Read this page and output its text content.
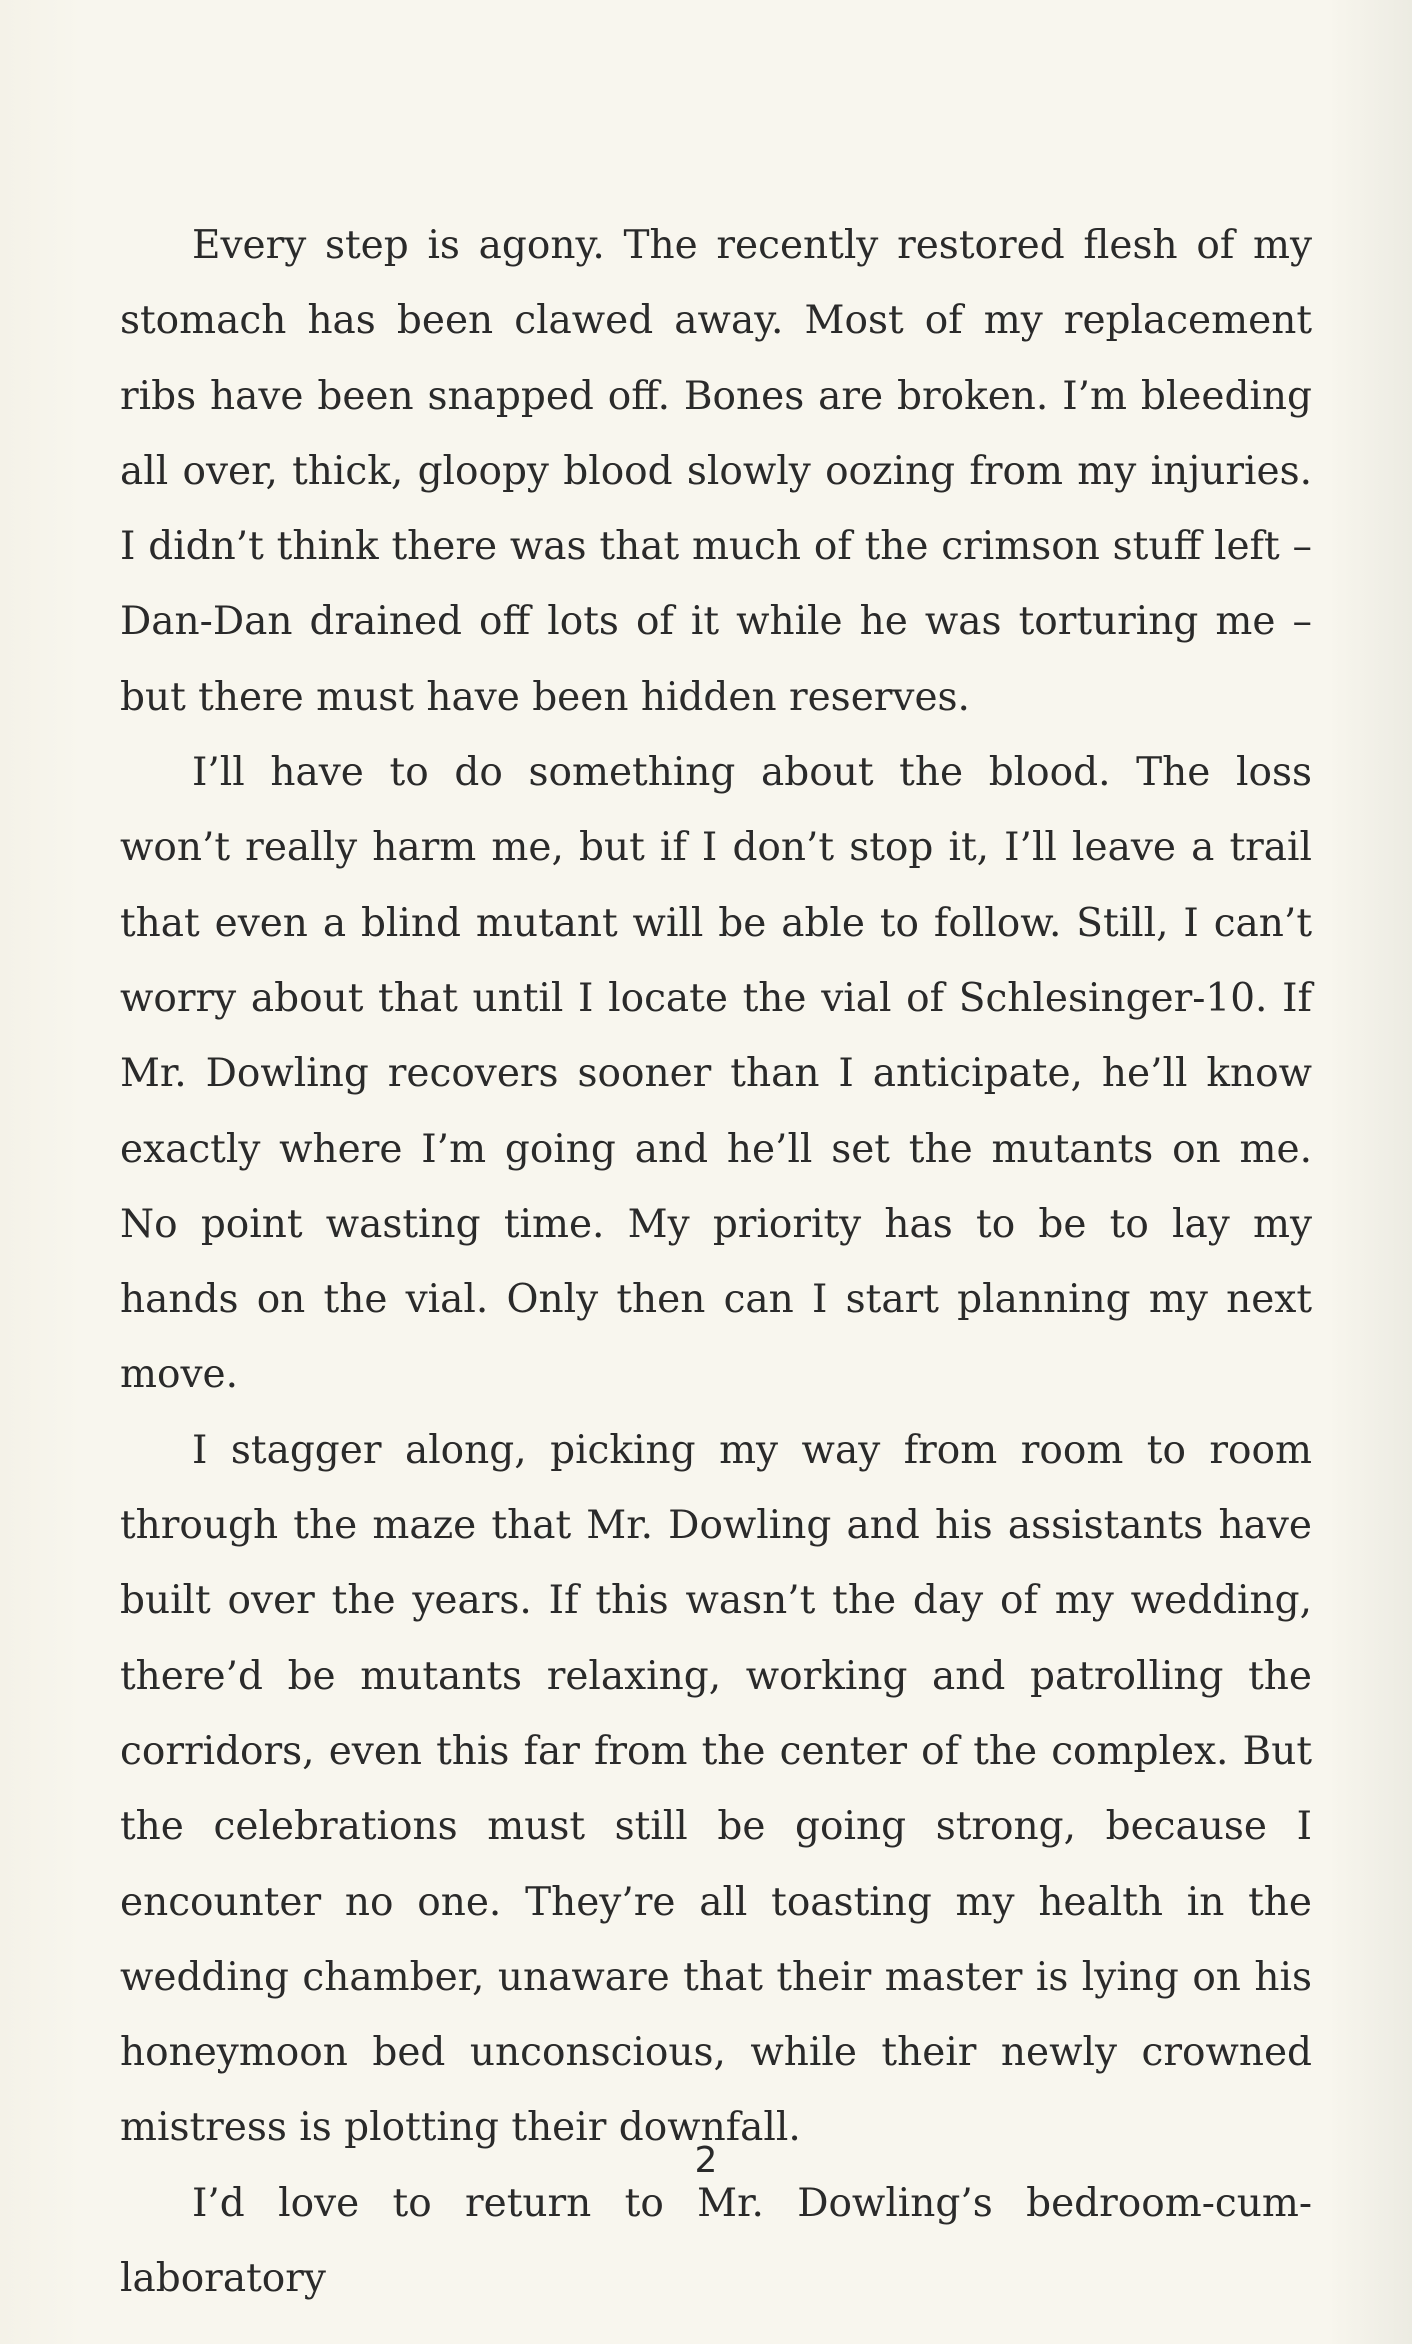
Every step is agony. The recently restored flesh of my stomach has been clawed away. Most of my replacement ribs have been snapped off. Bones are broken. I’m bleeding all over, thick, gloopy blood slowly oozing from my injuries. I didn’t think there was that much of the crimson stuff left – Dan-Dan drained off lots of it while he was torturing me – but there must have been hidden reserves.

I’ll have to do something about the blood. The loss won’t really harm me, but if I don’t stop it, I’ll leave a trail that even a blind mutant will be able to follow. Still, I can’t worry about that until I locate the vial of Schlesinger-10. If Mr. Dowling recovers sooner than I anticipate, he’ll know exactly where I’m going and he’ll set the mutants on me. No point wasting time. My priority has to be to lay my hands on the vial. Only then can I start planning my next move.

I stagger along, picking my way from room to room through the maze that Mr. Dowling and his assistants have built over the years. If this wasn’t the day of my wedding, there’d be mutants relaxing, working and patrolling the corridors, even this far from the center of the complex. But the celebrations must still be going strong, because I encounter no one. They’re all toasting my health in the wedding chamber, unaware that their master is lying on his honeymoon bed unconscious, while their newly crowned mistress is plotting their downfall.

I’d love to return to Mr. Dowling’s bedroom-cum-laboratory

2
